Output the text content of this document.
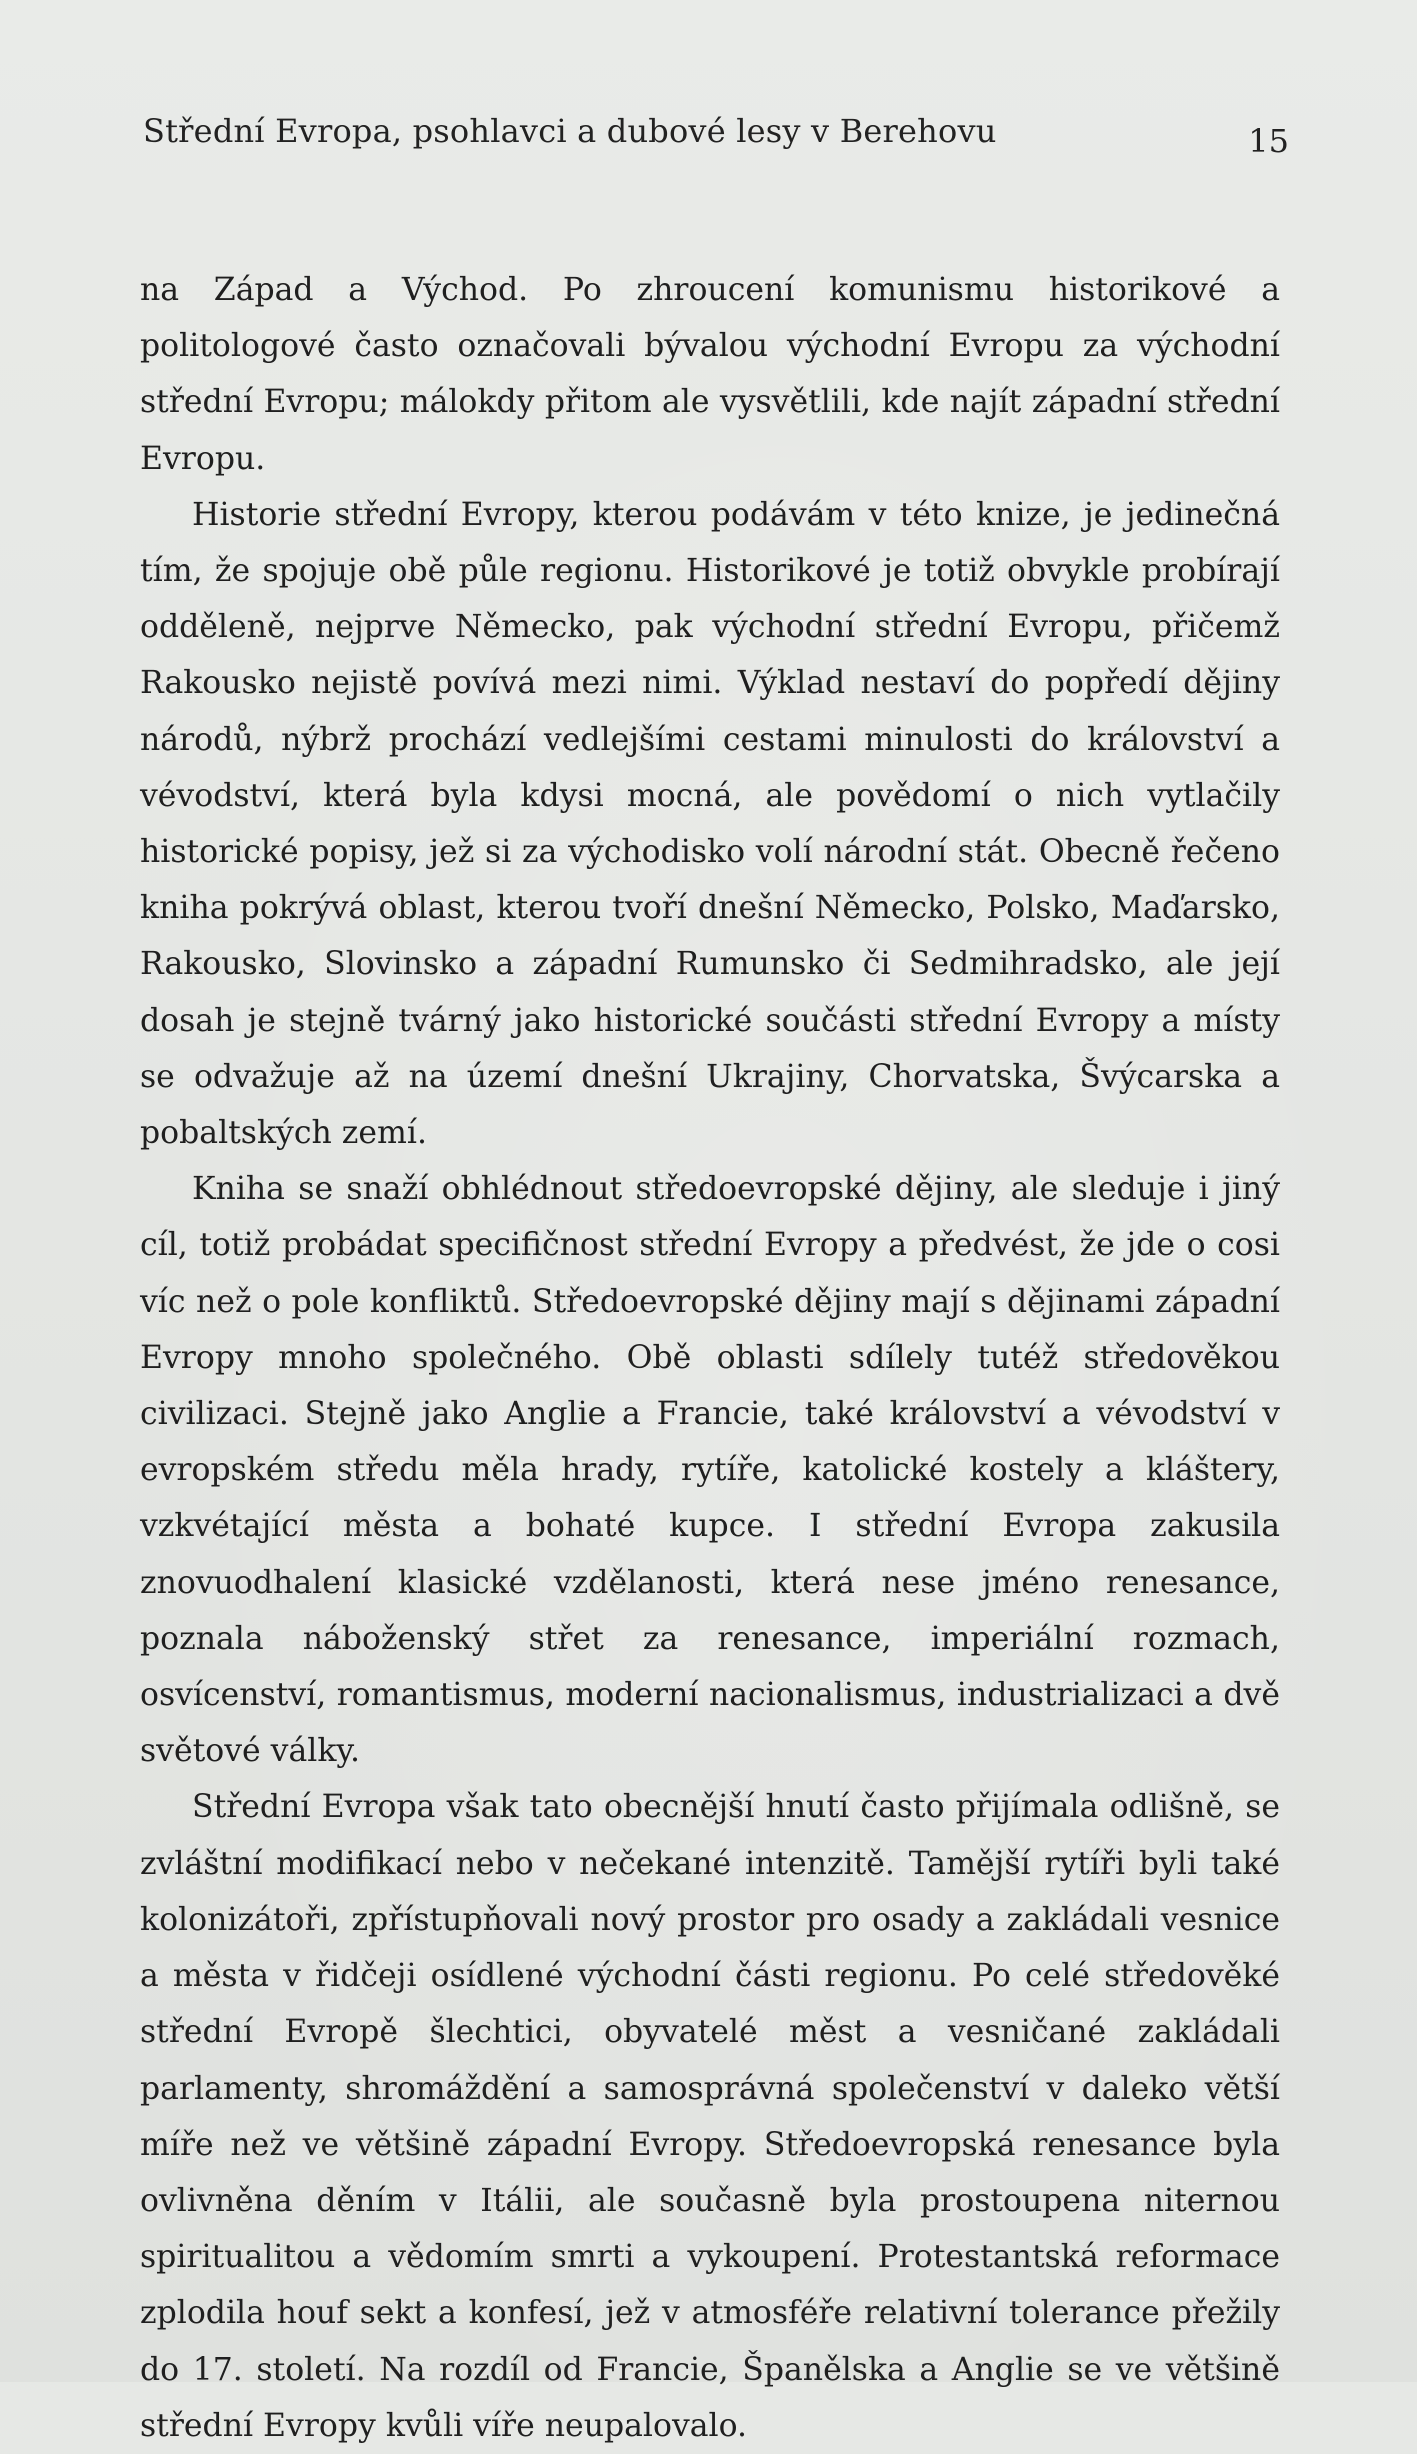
Střední Evropa, psohlavci a dubové lesy v Berehovu	15

na Západ a Východ. Po zhroucení komunismu historikové a politologové často označovali bývalou východní Evropu za východní střední Evropu; málokdy přitom ale vysvětlili, kde najít západní střední Evropu.

Historie střední Evropy, kterou podávám v této knize, je jedinečná tím, že spojuje obě půle regionu. Historikové je totiž obvykle probírají odděleně, nejprve Německo, pak východní střední Evropu, přičemž Rakousko nejistě povívá mezi nimi. Výklad nestaví do popředí dějiny národů, nýbrž prochází vedlejšími cestami minulosti do království a vévodství, která byla kdysi mocná, ale povědomí o nich vytlačily historické popisy, jež si za východisko volí národní stát. Obecně řečeno kniha pokrývá oblast, kterou tvoří dnešní Německo, Polsko, Maďarsko, Rakousko, Slovinsko a západní Rumunsko či Sedmihradsko, ale její dosah je stejně tvárný jako historické součásti střední Evropy a místy se odvažuje až na území dnešní Ukrajiny, Chorvatska, Švýcarska a pobaltských zemí.

Kniha se snaží obhlédnout středoevropské dějiny, ale sleduje i jiný cíl, totiž probádat specifičnost střední Evropy a předvést, že jde o cosi víc než o pole konfliktů. Středoevropské dějiny mají s dějinami západní Evropy mnoho společného. Obě oblasti sdílely tutéž středověkou civilizaci. Stejně jako Anglie a Francie, také království a vévodství v evropském středu měla hrady, rytíře, katolické kostely a kláštery, vzkvétající města a bohaté kupce. I střední Evropa zakusila znovuodhalení klasické vzdělanosti, která nese jméno renesance, poznala náboženský střet za renesance, imperiální rozmach, osvícenství, romantismus, moderní nacionalismus, industrializaci a dvě světové války.

Střední Evropa však tato obecnější hnutí často přijímala odlišně, se zvláštní modifikací nebo v nečekané intenzitě. Tamější rytíři byli také kolonizátoři, zpřístupňovali nový prostor pro osady a zakládali vesnice a města v řidčeji osídlené východní části regionu. Po celé středověké střední Evropě šlechtici, obyvatelé měst a vesničané zakládali parlamenty, shromáždění a samosprávná společenství v daleko větší míře než ve většině západní Evropy. Středoevropská renesance byla ovlivněna děním v Itálii, ale současně byla prostoupena niternou spiritualitou a vědomím smrti a vykoupení. Protestantská reformace zplodila houf sekt a konfesí, jež v atmosféře relativní tolerance přežily do 17. století. Na rozdíl od Francie, Španělska a Anglie se ve většině střední Evropy kvůli víře neupalovalo.
